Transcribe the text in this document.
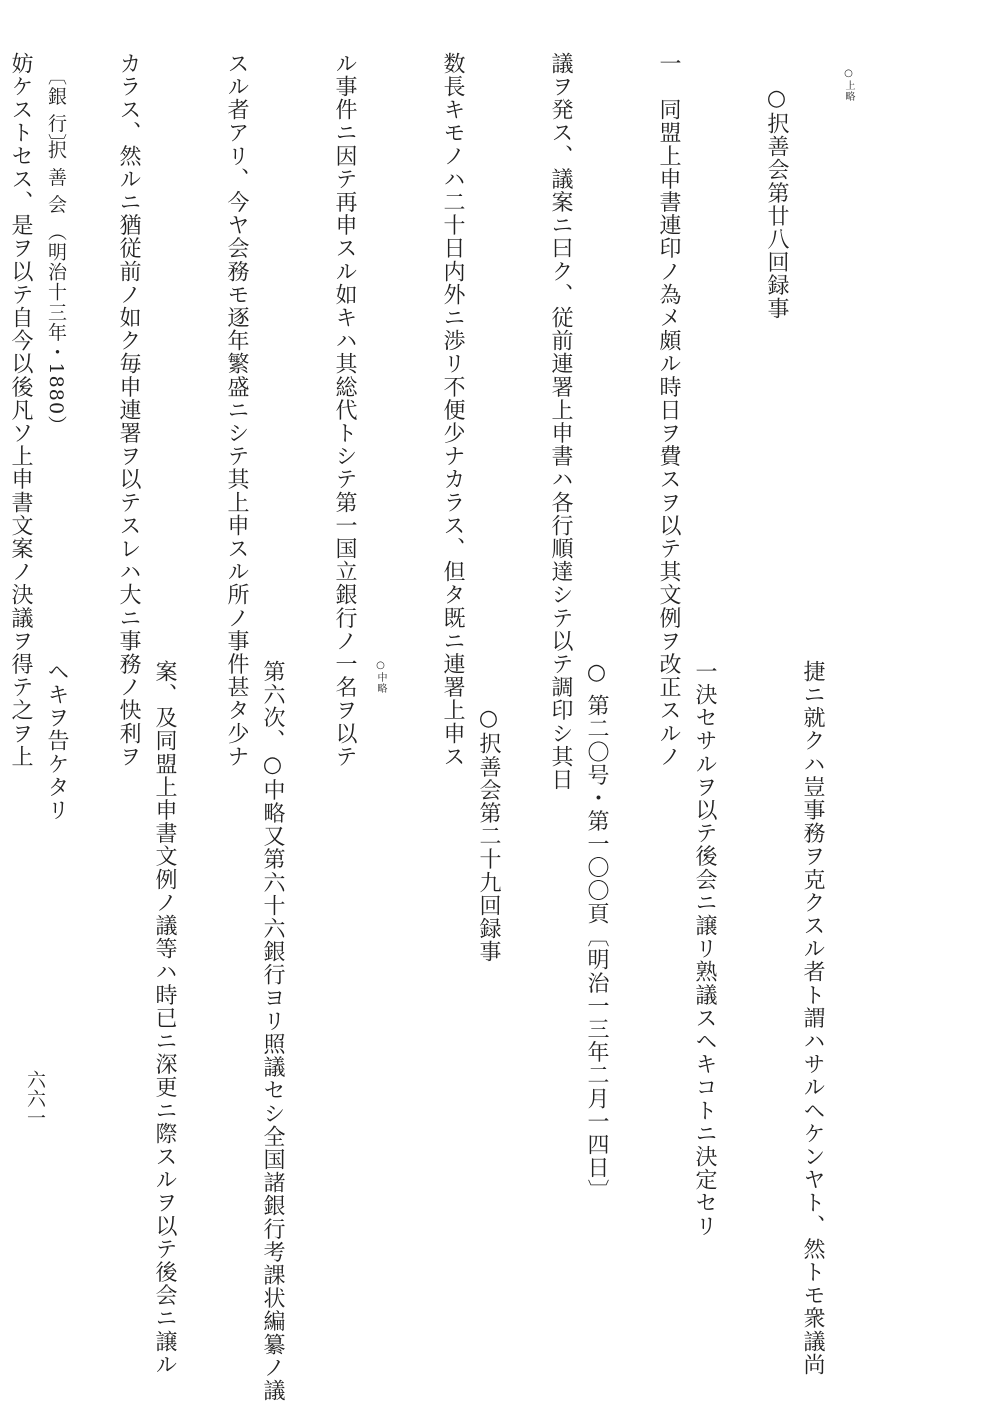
○上略

○択善会第廿八回録事

一　同盟上申書連印ノ為メ頗ル時日ヲ費スヲ以テ其文例ヲ改正スルノ

議ヲ発ス、議案ニ曰ク、従前連署上申書ハ各行順達シテ以テ調印シ其日

数長キモノハ二十日内外ニ渉リ不便少ナカラス、但タ既ニ連署上申ス

ル事件ニ因テ再申スル如キハ其総代トシテ第一国立銀行ノ一名ヲ以テ

スル者アリ、今ヤ会務モ逐年繁盛ニシテ其上申スル所ノ事件甚タ少ナ

カラス、然ルニ猶従前ノ如ク毎申連署ヲ以テスレハ大ニ事務ノ快利ヲ

妨ケストセス、是ヲ以テ自今以後凡ソ上申書文案ノ決議ヲ得テ之ヲ上

捷ニ就クハ豈事務ヲ克クスル者ト謂ハサルヘケンヤト、然トモ衆議尚

一決セサルヲ以テ後会ニ譲リ熟議スヘキコトニ決定セリ

○ 第二〇号・第一〇〇頁〔明治一三年二月一四日〕

　　○択善会第二十九回録事

○中略

第六次、○中略又第六十六銀行ヨリ照議セシ全国諸銀行考課状編纂ノ議

案、及同盟上申書文例ノ議等ハ時已ニ深更ニ際スルヲ以テ後会ニ譲ル

ヘキヲ告ケタリ

〔銀 行〕

択 善 会 （明治十三年・1880）

六六一
